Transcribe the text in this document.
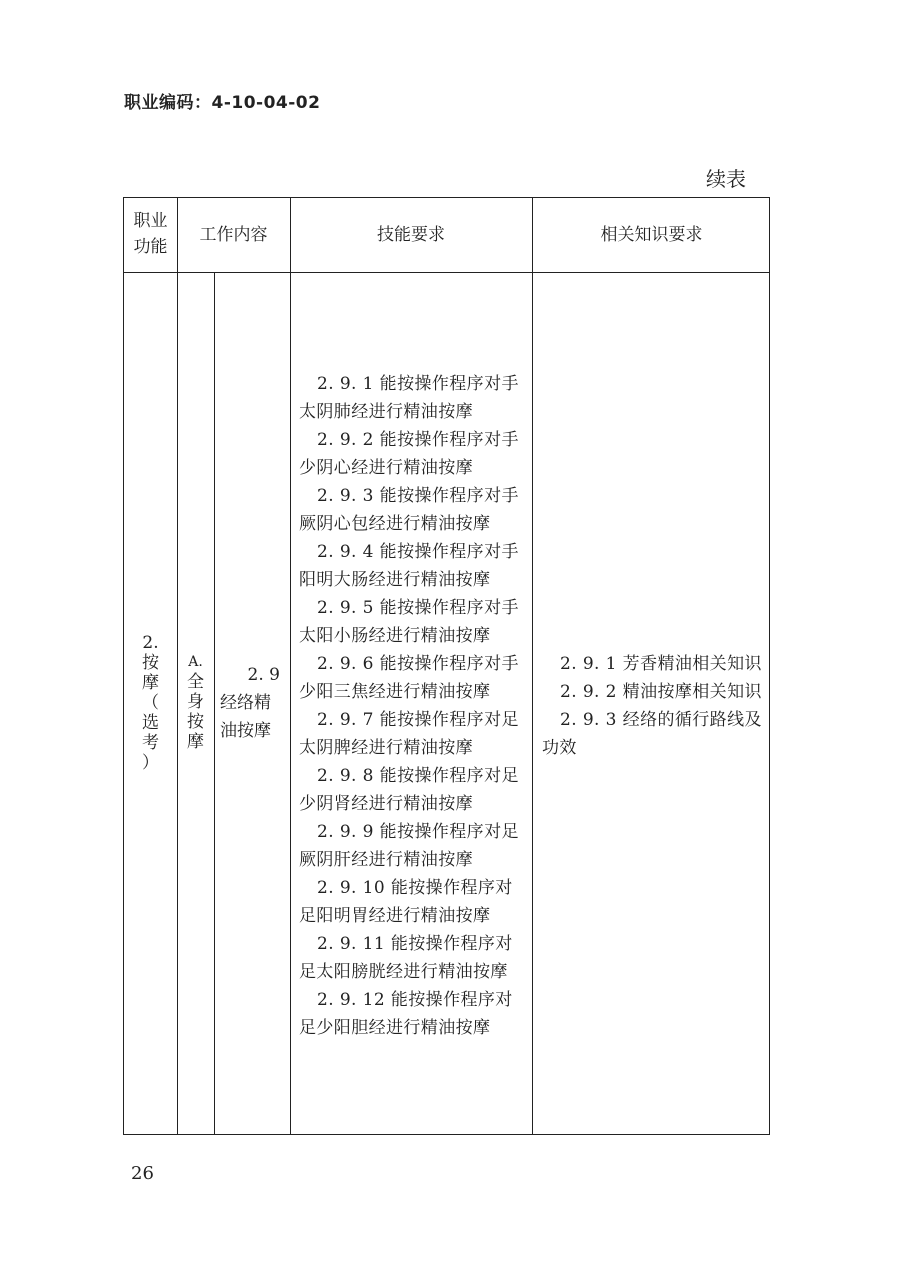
职业编码：4-10-04-02
续表
职业
功能
工作内容	技能要求	相关知识要求
2.
按
摩
（
选
考
）
A.
全
身
按
摩
2. 9
经络精
油按摩
2. 9. 1 能按操作程序对手太阴肺经进行精油按摩
2. 9. 2 能按操作程序对手少阴心经进行精油按摩
2. 9. 3 能按操作程序对手厥阴心包经进行精油按摩
2. 9. 4 能按操作程序对手阳明大肠经进行精油按摩
2. 9. 5 能按操作程序对手太阳小肠经进行精油按摩
2. 9. 6 能按操作程序对手少阳三焦经进行精油按摩
2. 9. 7 能按操作程序对足太阴脾经进行精油按摩
2. 9. 8 能按操作程序对足少阴肾经进行精油按摩
2. 9. 9 能按操作程序对足厥阴肝经进行精油按摩
2. 9. 10 能按操作程序对足阳明胃经进行精油按摩
2. 9. 11 能按操作程序对足太阳膀胱经进行精油按摩
2. 9. 12 能按操作程序对足少阳胆经进行精油按摩
2. 9. 1 芳香精油相关知识
2. 9. 2 精油按摩相关知识
2. 9. 3 经络的循行路线及功效
26
